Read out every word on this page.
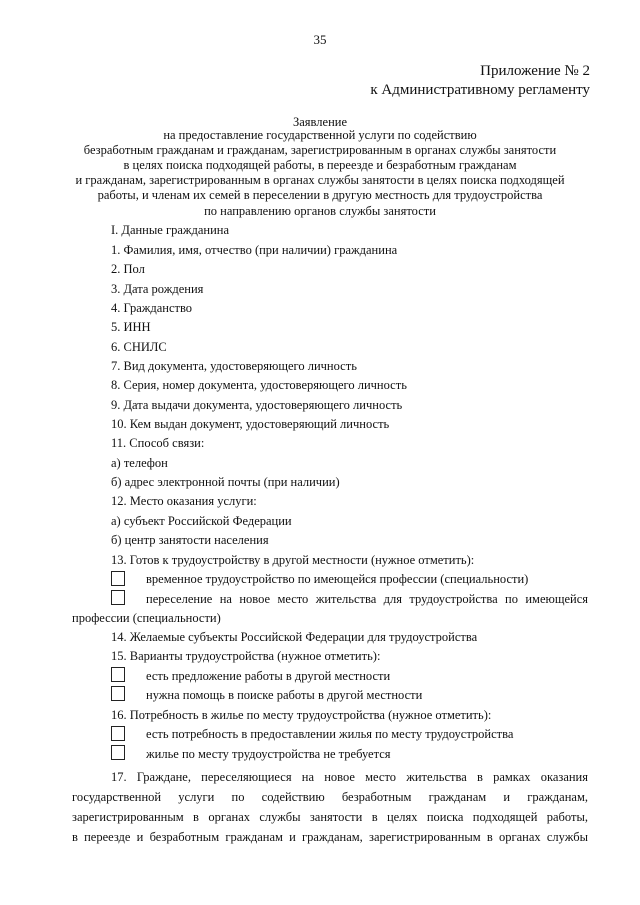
35
Приложение № 2
к Административному регламенту
Заявление
на предоставление государственной услуги по содействию
безработным гражданам и гражданам, зарегистрированным в органах службы занятости
в целях поиска подходящей работы, в переезде и безработным гражданам
и гражданам, зарегистрированным в органах службы занятости в целях поиска подходящей
работы, и членам их семей в переселении в другую местность для трудоустройства
по направлению органов службы занятости
I. Данные гражданина
1. Фамилия, имя, отчество (при наличии) гражданина
2. Пол
3. Дата рождения
4. Гражданство
5. ИНН
6. СНИЛС
7. Вид документа, удостоверяющего личность
8. Серия, номер документа, удостоверяющего личность
9. Дата выдачи документа, удостоверяющего личность
10. Кем выдан документ, удостоверяющий личность
11. Способ связи:
а) телефон
б) адрес электронной почты (при наличии)
12. Место оказания услуги:
а) субъект Российской Федерации
б) центр занятости населения
13. Готов к трудоустройству в другой местности (нужное отметить):
временное трудоустройство по имеющейся профессии (специальности)
переселение на новое место жительства для трудоустройства по имеющейся
профессии (специальности)
14. Желаемые субъекты Российской Федерации для трудоустройства
15. Варианты трудоустройства (нужное отметить):
есть предложение работы в другой местности
нужна помощь в поиске работы в другой местности
16. Потребность в жилье по месту трудоустройства (нужное отметить):
есть потребность в предоставлении жилья по месту трудоустройства
жилье по месту трудоустройства не требуется
17. Граждане, переселяющиеся на новое место жительства в рамках оказания
государственной услуги по содействию безработным гражданам и гражданам,
зарегистрированным в органах службы занятости в целях поиска подходящей работы,
в переезде и безработным гражданам и гражданам, зарегистрированным в органах службы
